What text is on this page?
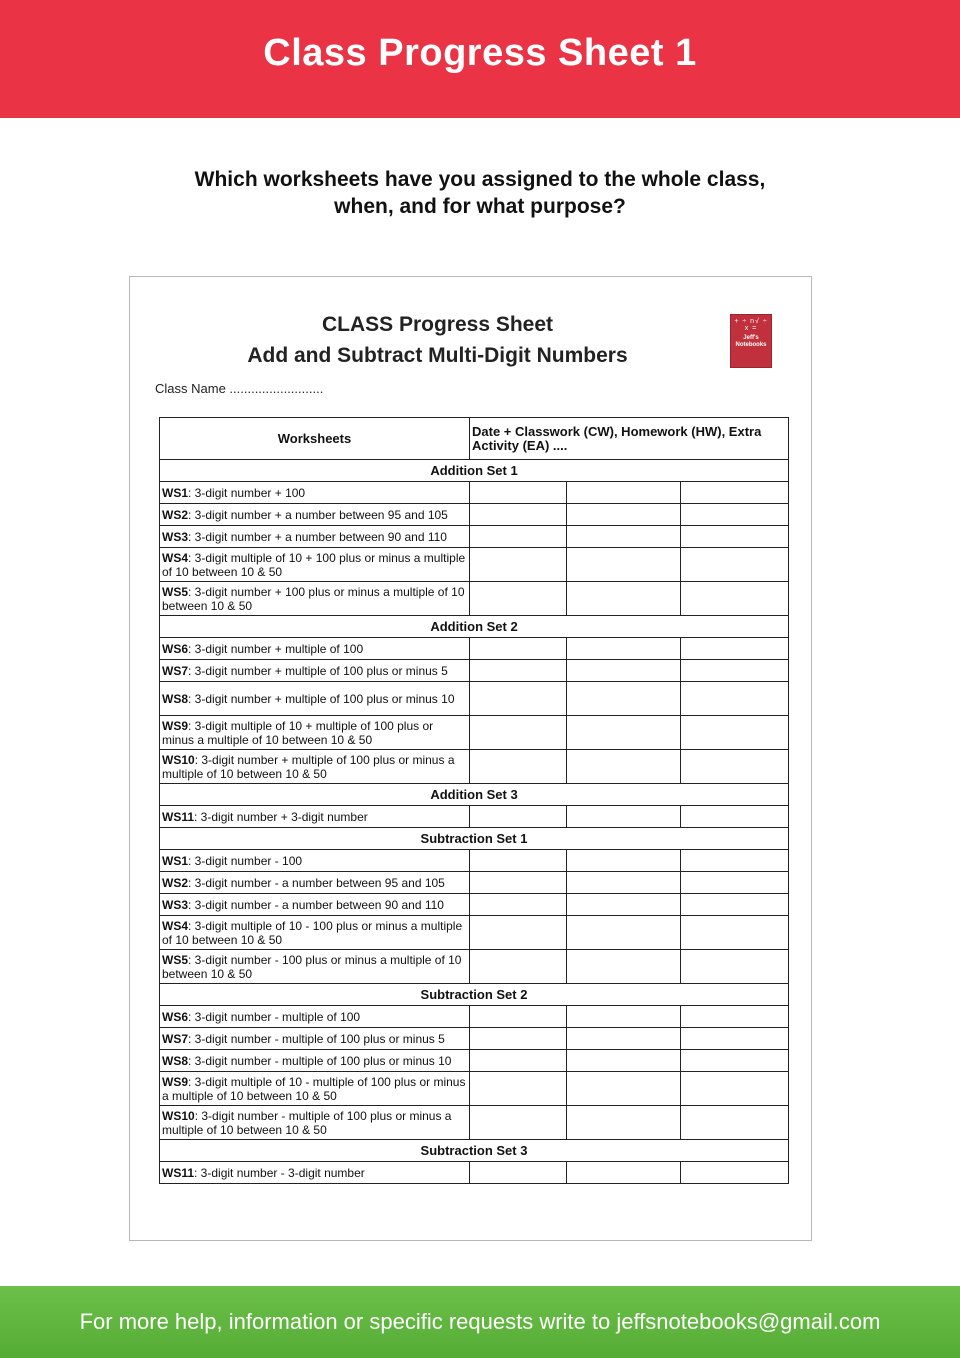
Class Progress Sheet 1
Which worksheets have you assigned to the whole class,
when, and for what purpose?
CLASS Progress Sheet
Add and Subtract Multi-Digit Numbers
+ ÷ n√ ÷ x =
Jeff's Notebooks
Class Name ..........................
Worksheets	Date + Classwork (CW), Homework (HW), Extra Activity (EA) ....		
Addition Set 1			
WS1: 3-digit number + 100			
WS2: 3-digit number + a number between 95 and 105			
WS3: 3-digit number + a number between 90 and 110			
WS4: 3-digit multiple of 10 + 100 plus or minus a multiple of 10 between 10 & 50			
WS5: 3-digit number + 100 plus or minus a multiple of 10 between 10 & 50			
Addition Set 2			
WS6: 3-digit number + multiple of 100			
WS7: 3-digit number + multiple of 100 plus or minus 5			
WS8: 3-digit number + multiple of 100 plus or minus 10			
WS9: 3-digit multiple of 10 + multiple of 100 plus or minus a multiple of 10 between 10 & 50			
WS10: 3-digit number + multiple of 100 plus or minus a multiple of 10 between 10 & 50			
Addition Set 3			
WS11: 3-digit number + 3-digit number			
Subtraction Set 1			
WS1: 3-digit number - 100			
WS2: 3-digit number - a number between 95 and 105			
WS3: 3-digit number - a number between 90 and 110			
WS4: 3-digit multiple of 10 - 100 plus or minus a multiple of 10 between 10 & 50			
WS5: 3-digit number - 100 plus or minus a multiple of 10 between 10 & 50			
Subtraction Set 2			
WS6: 3-digit number - multiple of 100			
WS7: 3-digit number - multiple of 100 plus or minus 5			
WS8: 3-digit number - multiple of 100 plus or minus 10			
WS9: 3-digit multiple of 10 - multiple of 100 plus or minus a multiple of 10 between 10 & 50			
WS10: 3-digit number - multiple of 100 plus or minus a multiple of 10 between 10 & 50			
Subtraction Set 3			
WS11: 3-digit number - 3-digit number			
For more help, information or specific requests write to jeffsnotebooks@gmail.com
